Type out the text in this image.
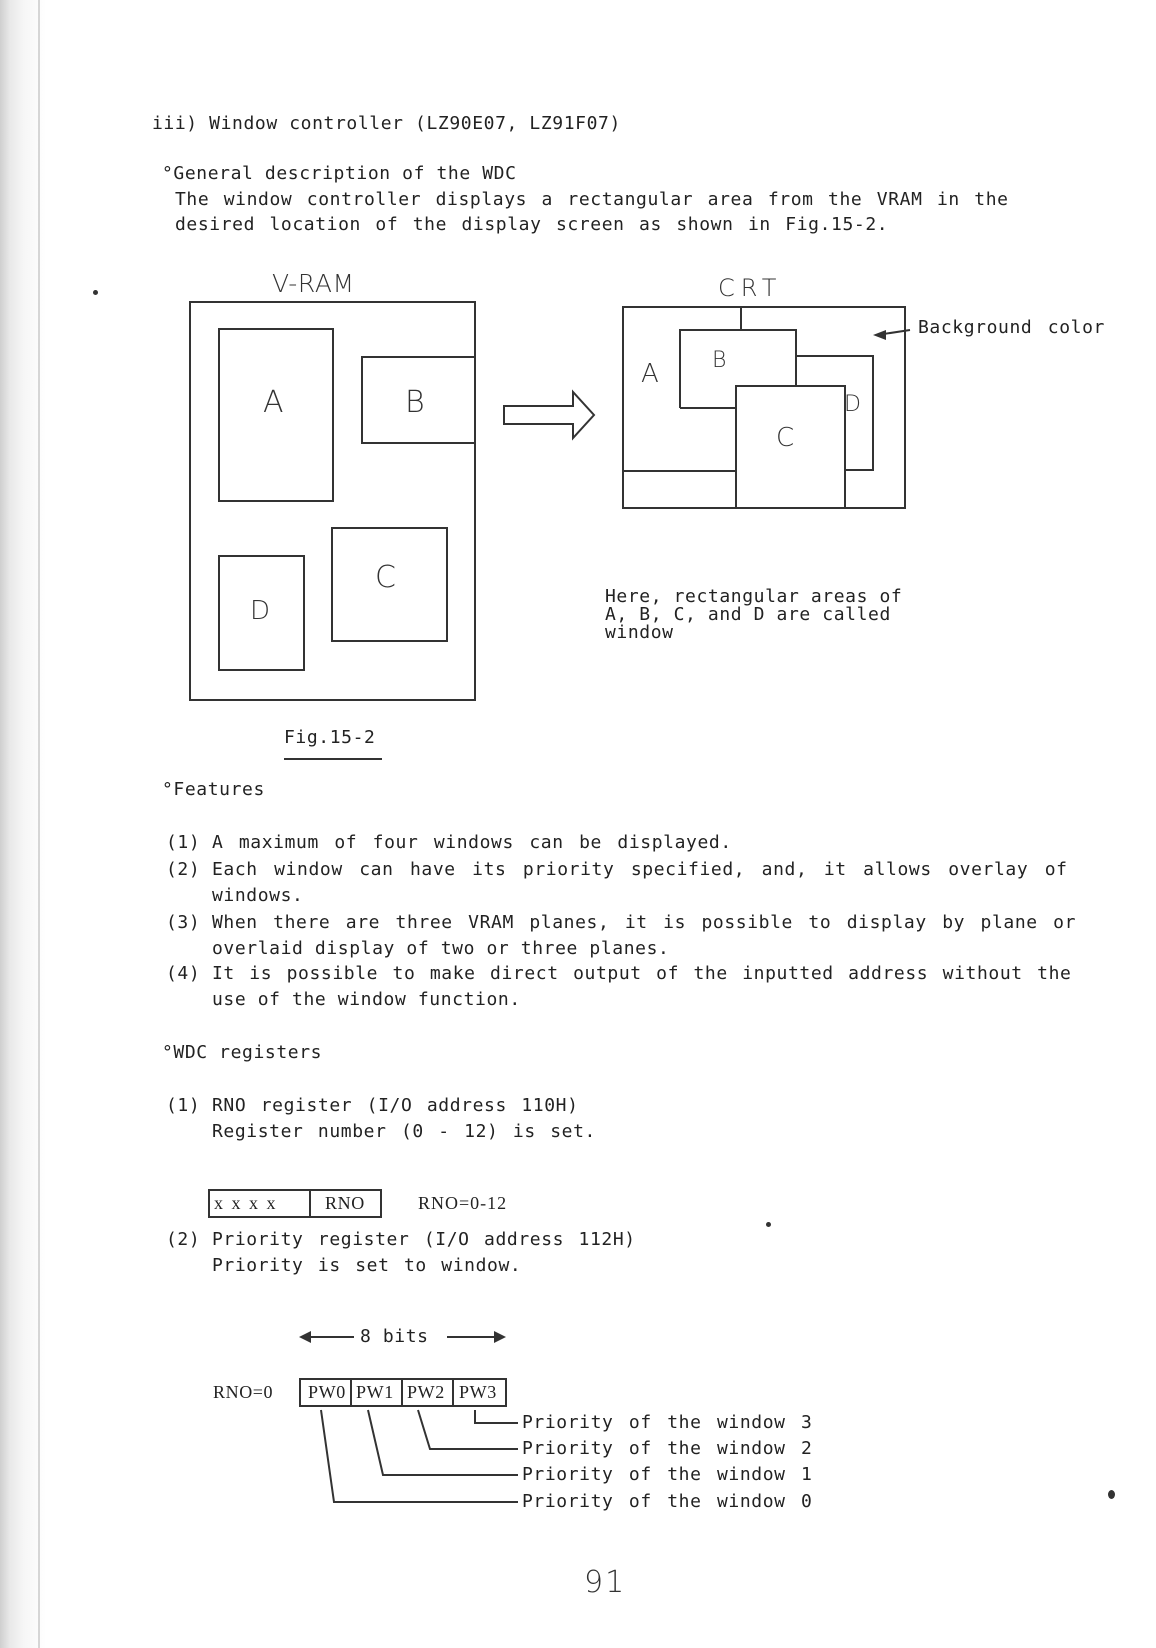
iii) Window controller (LZ90E07, LZ91F07)
°General description of the WDC
The window controller displays a rectangular area from the VRAM in the
desired location of the display screen as shown in Fig.15-2.
V-RAM	CRT
Background color
A	B
C
D
A B
C
D
Here, rectangular areas of
A, B, C, and D are called
window
Fig.15-2
°Features
(1) A maximum of four windows can be displayed.
(2) Each window can have its priority specified, and, it allows overlay of
windows.
(3) When there are three VRAM planes, it is possible to display by plane or
overlaid display of two or three planes.
(4) It is possible to make direct output of the inputted address without the
use of the window function.
°WDC registers
(1) RNO register (I/O address 110H)
Register number (0 - 12) is set.
x x x x	RNO	RNO=0-12
(2) Priority register (I/O address 112H)
Priority is set to window.
8 bits
RNO=0 PW0 PW1 PW2 PW3
Priority of the window 3
Priority of the window 2
Priority of the window 1
Priority of the window 0
91
